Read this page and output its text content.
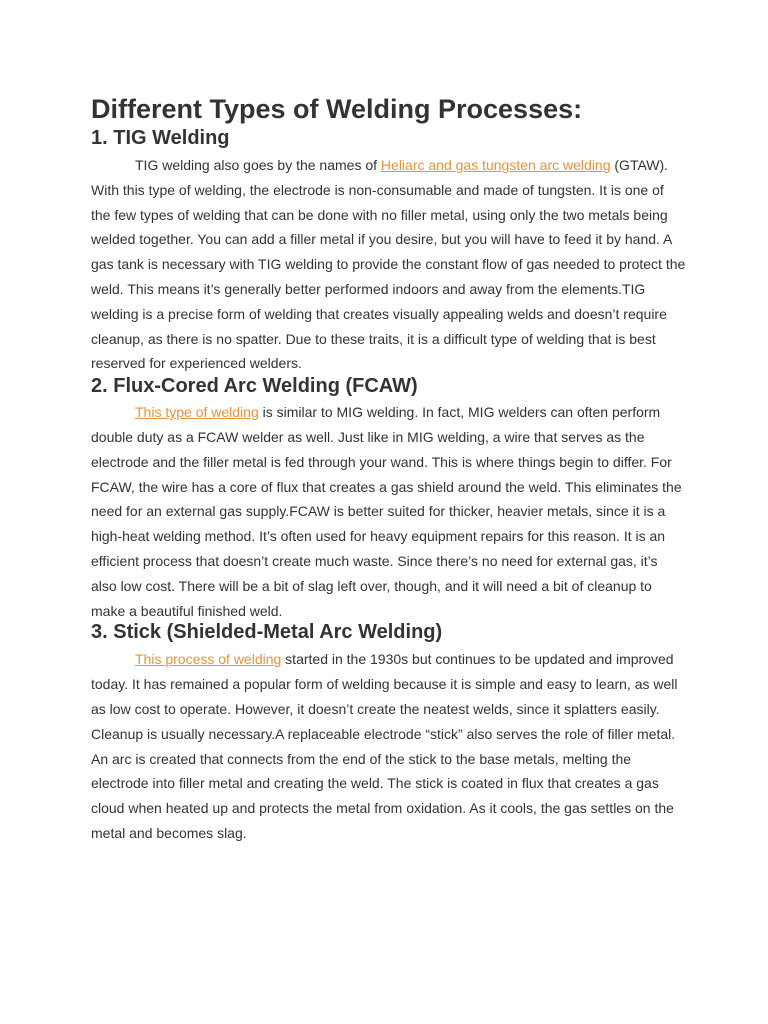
Different Types of Welding Processes:
1. TIG Welding

TIG welding also goes by the names of Heliarc and gas tungsten arc welding (GTAW). With this type of welding, the electrode is non-consumable and made of tungsten. It is one of the few types of welding that can be done with no filler metal, using only the two metals being welded together. You can add a filler metal if you desire, but you will have to feed it by hand. A gas tank is necessary with TIG welding to provide the constant flow of gas needed to protect the weld. This means it’s generally better performed indoors and away from the elements.TIG welding is a precise form of welding that creates visually appealing welds and doesn’t require cleanup, as there is no spatter. Due to these traits, it is a difficult type of welding that is best reserved for experienced welders.

2. Flux-Cored Arc Welding (FCAW)

This type of welding is similar to MIG welding. In fact, MIG welders can often perform double duty as a FCAW welder as well. Just like in MIG welding, a wire that serves as the electrode and the filler metal is fed through your wand. This is where things begin to differ. For FCAW, the wire has a core of flux that creates a gas shield around the weld. This eliminates the need for an external gas supply.FCAW is better suited for thicker, heavier metals, since it is a high-heat welding method. It’s often used for heavy equipment repairs for this reason. It is an efficient process that doesn’t create much waste. Since there’s no need for external gas, it’s also low cost. There will be a bit of slag left over, though, and it will need a bit of cleanup to make a beautiful finished weld.

3. Stick (Shielded-Metal Arc Welding)

This process of welding started in the 1930s but continues to be updated and improved today. It has remained a popular form of welding because it is simple and easy to learn, as well as low cost to operate. However, it doesn’t create the neatest welds, since it splatters easily. Cleanup is usually necessary.A replaceable electrode “stick” also serves the role of filler metal. An arc is created that connects from the end of the stick to the base metals, melting the electrode into filler metal and creating the weld. The stick is coated in flux that creates a gas cloud when heated up and protects the metal from oxidation. As it cools, the gas settles on the metal and becomes slag.
